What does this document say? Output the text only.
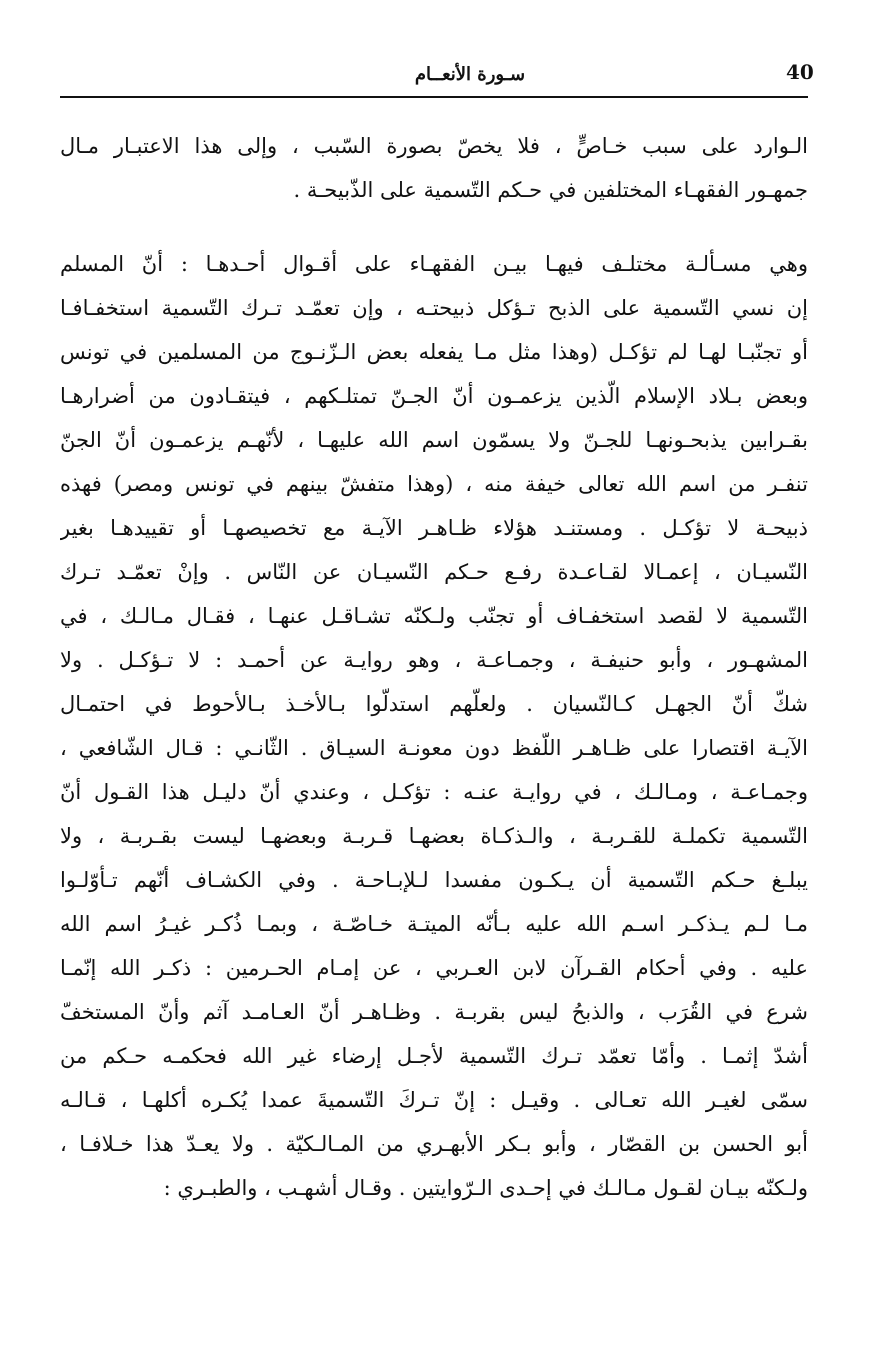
40
سـورة الأنعــام
الـوارد على سبب خـاصٍّ ، فلا يخصّ بصورة السّبب ، وإلى هذا الاعتبـار مـال
جمهـور الفقهـاء المختلفين في حـكم التّسمية على الذّبيحـة .
وهي مسـألـة مختلـف فيهـا بيـن الفقهـاء على أقـوال أحـدهـا : أنّ المسلم
إن نسي التّسمية على الذبح تـؤكل ذبيحتـه ، وإن تعمّـد تـرك التّسمية استخفـافـا
أو تجنّبـا لهـا لم تؤكـل (وهذا مثل مـا يفعله بعض الـزّنـوج من المسلمين في تونس
وبعض بـلاد الإسلام الّذين يزعمـون أنّ الجـنّ تمتلـكهم ، فيتقـادون من أضرارهـا
بقـرابين يذبحـونهـا للجـنّ ولا يسمّون اسم الله عليهـا ، لأنّهـم يزعمـون أنّ الجنّ
تنفـر من اسم الله تعالى خيفة منه ، (وهذا متفشّ بينهم في تونس ومصر) فهذه
ذبيحـة لا تؤكـل . ومستنـد هؤلاء ظـاهـر الآيـة مع تخصيصهـا أو تقييدهـا بغير
النّسيـان ، إعمـالا لقـاعـدة رفـع حـكم النّسيـان عن النّاس . وإنْ تعمّـد تـرك
التّسمية لا لقصد استخفـاف أو تجنّب ولـكنّه تشـاقـل عنهـا ، فقـال مـالـك ، في
المشهـور ، وأبو حنيفـة ، وجمـاعـة ، وهو روايـة عن أحمـد : لا تـؤكـل . ولا
شكّ أنّ الجهـل كـالنّسيان . ولعلّهم استدلّوا بـالأخـذ بـالأحوط في احتمـال
الآيـة اقتصارا على ظـاهـر اللّفظ دون معونـة السيـاق . الثّانـي : قـال الشّافعي ،
وجمـاعـة ، ومـالـك ، في روايـة عنـه : تؤكـل ، وعندي أنّ دليـل هذا القـول أنّ
التّسمية تكملـة للقـربـة ، والـذكـاة بعضهـا قـربـة وبعضهـا ليست بقـربـة ، ولا
يبلـغ حـكم التّسمية أن يـكـون مفسدا لـلإبـاحـة . وفي الكشـاف أنّهم تـأوّلـوا
مـا لـم يـذكـر اسـم الله عليه بـأنّه الميتـة خـاصّـة ، وبمـا ذُكـر غيـرُ اسم الله
عليه . وفي أحكام القـرآن لابن العـربي ، عن إمـام الحـرمين : ذكـر الله إنّمـا
شرع في القُرَب ، والذبحُ ليس بقربـة . وظـاهـر أنّ العـامـد آثم وأنّ المستخفّ
أشدّ إثمـا . وأمّا تعمّد تـرك التّسمية لأجـل إرضاء غير الله فحكمـه حـكم من
سمّى لغيـر الله تعـالى . وقيـل : إنّ تـركَ التّسميةَ عمدا يُكـره أكلهـا ، قـالـه
أبو الحسن بن القصّار ، وأبو بـكر الأبهـري من المـالـكيّة . ولا يعـدّ هذا خـلافـا ،
ولـكنّه بيـان لقـول مـالـك في إحـدى الـرّوايتين . وقـال أشهـب ، والطبـري :
